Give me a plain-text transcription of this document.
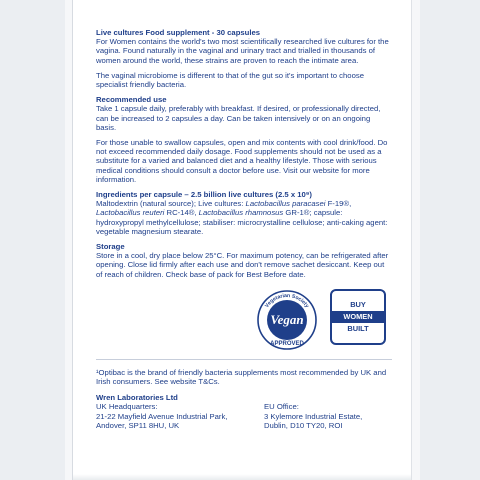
Live cultures Food supplement - 30 capsules

For Women contains the world's two most scientifically researched live cultures for the vagina. Found naturally in the vaginal and urinary tract and trialled in thousands of women around the world, these strains are proven to reach the intimate area.

The vaginal microbiome is different to that of the gut so it's important to choose specialist friendly bacteria.

Recommended use

Take 1 capsule daily, preferably with breakfast. If desired, or professionally directed, can be increased to 2 capsules a day. Can be taken intensively or on an ongoing basis.

For those unable to swallow capsules, open and mix contents with cool drink/food. Do not exceed recommended daily dosage. Food supplements should not be used as a substitute for a varied and balanced diet and a healthy lifestyle. Those with serious medical conditions should consult a doctor before use. Visit our website for more information.

Ingredients per capsule – 2.5 billion live cultures (2.5 x 10⁹)

Maltodextrin (natural source); Live cultures: Lactobacillus paracasei F-19®,
Lactobacillus reuteri RC-14®, Lactobacillus rhamnosus GR-1®; capsule:
hydroxypropyl methylcellulose; stabiliser: microcrystalline cellulose; anti-caking agent: vegetable magnesium stearate.

Storage

Store in a cool, dry place below 25°C. For maximum potency, can be refrigerated after opening. Close lid firmly after each use and don't remove sachet desiccant. Keep out of reach of children. Check base of pack for Best Before date.

Vegetarian Society
Vegan
APPROVED
BUY
WOMEN
BUILT

¹Optibac is the brand of friendly bacteria supplements most recommended by UK and Irish consumers. See website T&Cs.

Wren Laboratories Ltd

UK Headquarters:

21-22 Mayfield Avenue Industrial Park,

Andover, SP11 8HU, UK

EU Office:

3 Kylemore Industrial Estate,

Dublin, D10 TY20, ROI
